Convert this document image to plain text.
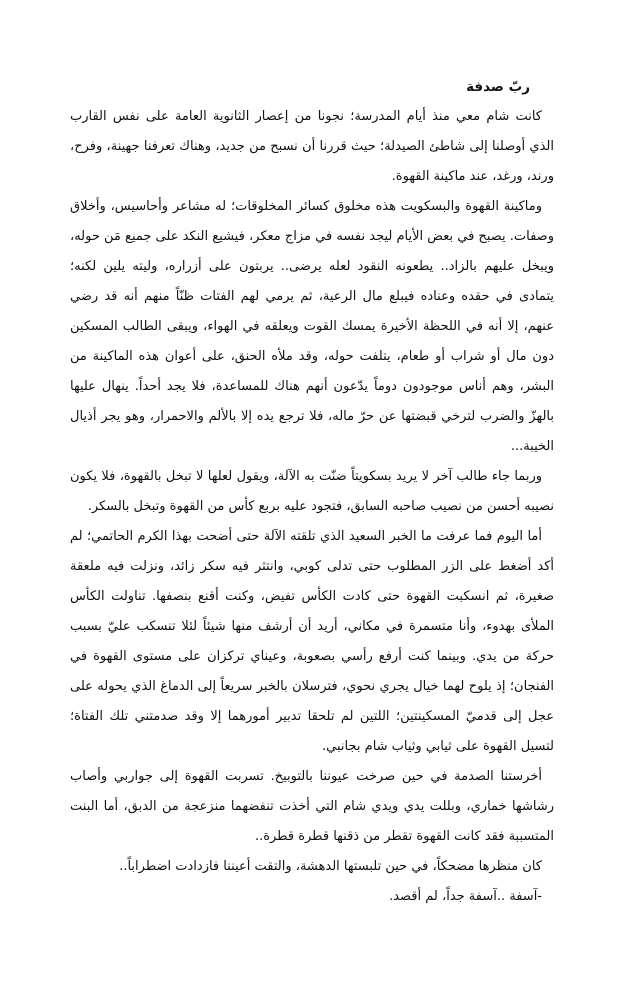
ربّ صدفة

كانت شام معي منذ أيام المدرسة؛ نجونا من إعصار الثانوية العامة على نفس القارب الذي أوصلنا إلى شاطئ الصيدلة؛ حيث قررنا أن نسبح من جديد، وهناك تعرفنا جهينة، وفرح، ورند، ورغد، عند ماكينة القهوة.

وماكينة القهوة والبسكويت هذه مخلوق كسائر المخلوقات؛ له مشاعر وأحاسيس، وأخلاق وصفات. يصبح في بعض الأيام ليجد نفسه في مزاج معكر، فيشيع النكد على جميع مَن حوله، ويبخل عليهم بالزاد.. يطعونه النقود لعله يرضى.. يربتون على أزراره، وليته يلين لكنه؛ يتمادى في حقده وعناده فيبلع مال الرعية، ثم يرمي لهم الفتات ظنّاً منهم أنه قد رضي عنهم، إلا أنه في اللحظة الأخيرة يمسك القوت ويعلقه في الهواء، ويبقى الطالب المسكين دون مال أو شراب أو طعام، يتلفت حوله، وقد ملأه الحنق، على أعوان هذه الماكينة من البشر، وهم أناس موجودون دوماً يدّعون أنهم هناك للمساعدة، فلا يجد أحداً. ينهال عليها بالهزّ والضرب لترخي قبضتها عن حرّ ماله، فلا ترجع يده إلا بالألم والاحمرار، وهو يجر أذيال الخيبة...

وربما جاء طالب آخر لا يريد بسكويتاً ضنّت به الآلة، ويقول لعلها لا تبخل بالقهوة، فلا يكون نصيبه أحسن من نصيب صاحبه السابق، فتجود عليه بربع كأس من القهوة وتبخل بالسكر.

أما اليوم فما عرفت ما الخبر السعيد الذي تلقته الآلة حتى أضحت بهذا الكرم الحاتمي؛ لم أكد أضغط على الزر المطلوب حتى تدلى كوبي، وانتثر فيه سكر زائد، ونزلت فيه ملعقة صغيرة، ثم انسكبت القهوة حتى كادت الكأس تفيض، وكنت أقنع بنصفها. تناولت الكأس الملأى بهدوء، وأنا متسمرة في مكاني، أريد أن أرشف منها شيئاً لئلا تنسكب عليّ بسبب حركة من يدي. وبينما كنت أرفع رأسي بصعوبة، وعيناي تركزان على مستوى القهوة في الفنجان؛ إذ يلوح لهما خيال يجري نحوي، فترسلان بالخبر سريعاً إلى الدماغ الذي يحوله على عجل إلى قدميّ المسكينتين؛ اللتين لم تلحقا تدبير أمورهما إلا وقد صدمتني تلك الفتاة؛ لتسيل القهوة على ثيابي وثياب شام بجانبي.

أخرستنا الصدمة في حين صرخت عيوننا بالتوبيخ. تسربت القهوة إلى جواربي وأصاب رشاشها خماري، وبللت يدي ويدي شام التي أخذت تنفضهما منزعجة من الدبق، أما البنت المتسببة فقد كانت القهوة تقطر من ذقنها قطرة قطرة..

كان منظرها مضحكاً، في حين تلبستها الدهشة، والتقت أعيننا فازدادت اضطراباً..

-آسفة ..آسفة جداً، لم أقصد.
